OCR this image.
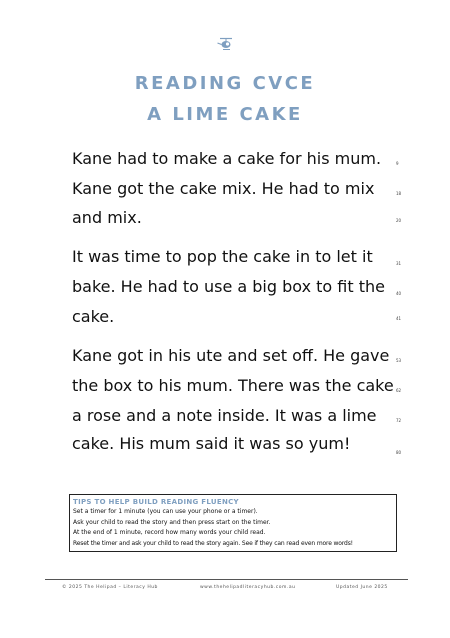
READING CVCE
A LIME CAKE
Kane had to make a cake for his mum.	9
Kane got the cake mix. He had to mix	18
and mix.	20
It was time to pop the cake in to let it	31
bake. He had to use a big box to fit the	40
cake.	41
Kane got in his ute and set off. He gave 53
the box to his mum. There was the cake 62
a rose and a note inside. It was a lime	72
cake. His mum said it was so yum!	80
TIPS TO HELP BUILD READING FLUENCY
Set a timer for 1 minute (you can use your phone or a timer).
Ask your child to read the story and then press start on the timer.
At the end of 1 minute, record how many words your child read.
Reset the timer and ask your child to read the story again. See if they can read even more words!
© 2025 The Helipad – Literacy Hub	www.thehelipadliteracyhub.com.au	Updated June 2025
